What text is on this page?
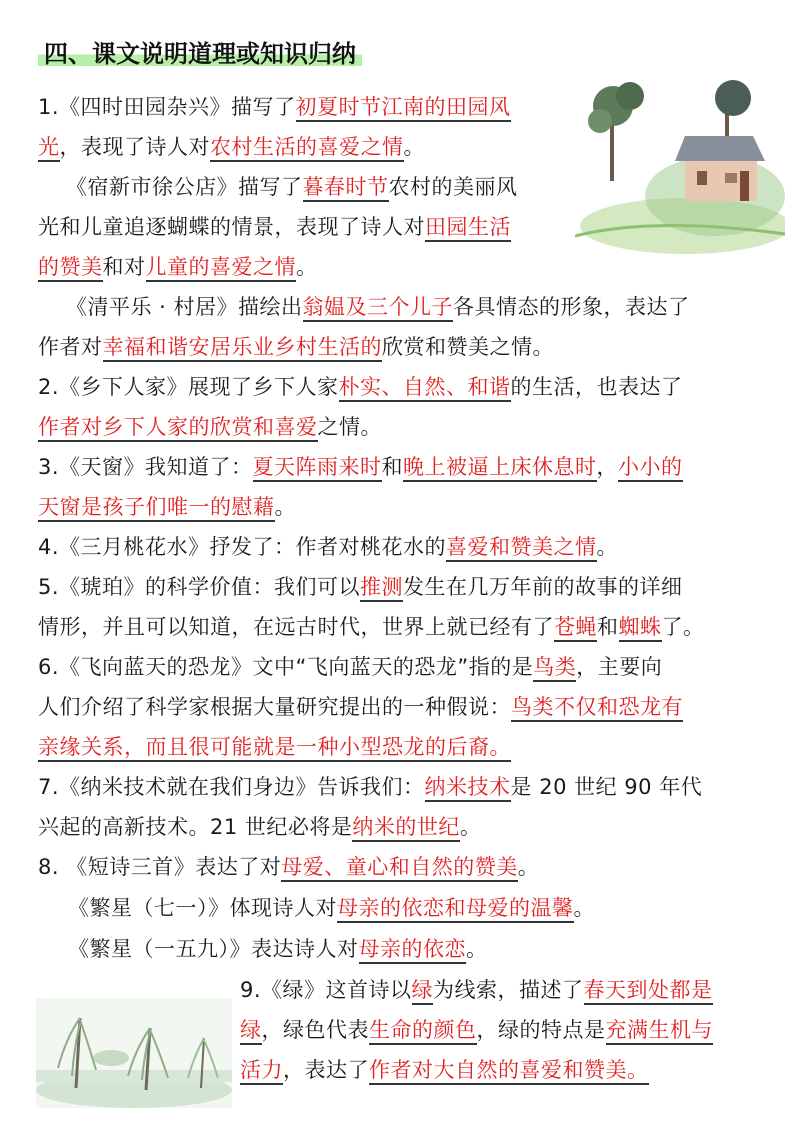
四、课文说明道理或知识归纳
1.《四时田园杂兴》描写了初夏时节江南的田园风
光，表现了诗人对农村生活的喜爱之情。
《宿新市徐公店》描写了暮春时节农村的美丽风
光和儿童追逐蝴蝶的情景，表现了诗人对田园生活
的赞美和对儿童的喜爱之情。
《清平乐 · 村居》描绘出翁媪及三个儿子各具情态的形象，表达了
作者对幸福和谐安居乐业乡村生活的欣赏和赞美之情。
2.《乡下人家》展现了乡下人家朴实、自然、和谐的生活，也表达了
作者对乡下人家的欣赏和喜爱之情。
3.《天窗》我知道了：夏天阵雨来时和晚上被逼上床休息时，小小的
天窗是孩子们唯一的慰藉。
4.《三月桃花水》抒发了：作者对桃花水的喜爱和赞美之情。
5.《琥珀》的科学价值：我们可以推测发生在几万年前的故事的详细
情形，并且可以知道，在远古时代，世界上就已经有了苍蝇和蜘蛛了。
6.《飞向蓝天的恐龙》文中“飞向蓝天的恐龙”指的是鸟类，主要向
人们介绍了科学家根据大量研究提出的一种假说：鸟类不仅和恐龙有
亲缘关系，而且很可能就是一种小型恐龙的后裔。
7.《纳米技术就在我们身边》告诉我们：纳米技术是 20 世纪 90 年代
兴起的高新技术。21 世纪必将是纳米的世纪。
8. 《短诗三首》表达了对母爱、童心和自然的赞美。
《繁星（七一）》体现诗人对母亲的依恋和母爱的温馨。
《繁星（一五九）》表达诗人对母亲的依恋。
9.《绿》这首诗以绿为线索，描述了春天到处都是
绿，绿色代表生命的颜色，绿的特点是充满生机与
活力，表达了作者对大自然的喜爱和赞美。
